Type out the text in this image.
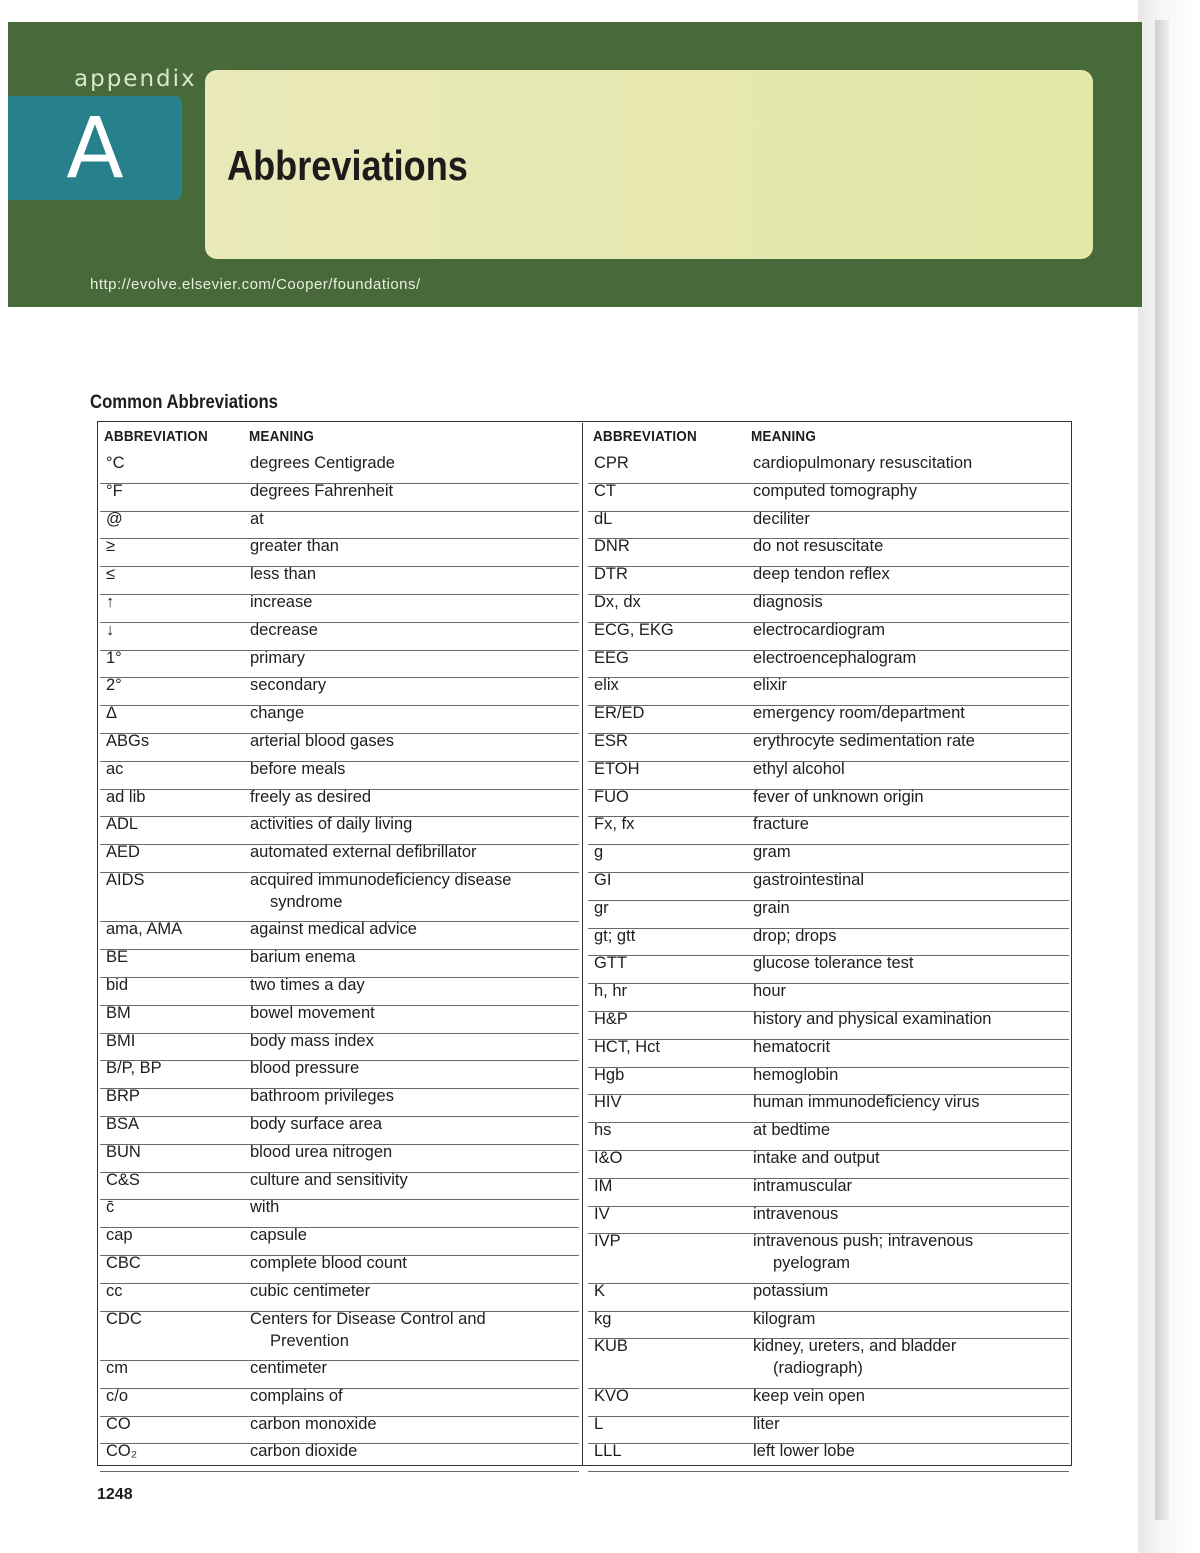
appendix
A	Abbreviations
http://evolve.elsevier.com/Cooper/foundations/
Common Abbreviations
ABBREVIATION	MEANING	ABBREVIATION	MEANING
°C	degrees Centigrade
°F	degrees Fahrenheit
@	at
≥	greater than
≤	less than
↑	increase
↓	decrease
1°	primary
2°	secondary
Δ	change
ABGs	arterial blood gases
ac	before meals
ad lib	freely as desired
ADL	activities of daily living
AED	automated external defibrillator
AIDS	acquired immunodeficiency disease
syndrome
ama, AMA	against medical advice
BE	barium enema
bid	two times a day
BM	bowel movement
BMI	body mass index
B/P, BP	blood pressure
BRP	bathroom privileges
BSA	body surface area
BUN	blood urea nitrogen
C&S	culture and sensitivity
c̄	with
cap	capsule
CBC	complete blood count
cc	cubic centimeter
CDC	Centers for Disease Control and
Prevention
cm	centimeter
c/o	complains of
CO	carbon monoxide
CO₂	carbon dioxide
CPR	cardiopulmonary resuscitation
CT	computed tomography
dL	deciliter
DNR	do not resuscitate
DTR	deep tendon reflex
Dx, dx	diagnosis
ECG, EKG	electrocardiogram
EEG	electroencephalogram
elix	elixir
ER/ED	emergency room/department
ESR	erythrocyte sedimentation rate
ETOH	ethyl alcohol
FUO	fever of unknown origin
Fx, fx	fracture
g	gram
GI	gastrointestinal
gr	grain
gt; gtt	drop; drops
GTT	glucose tolerance test
h, hr	hour
H&P	history and physical examination
HCT, Hct	hematocrit
Hgb	hemoglobin
HIV	human immunodeficiency virus
hs	at bedtime
I&O	intake and output
IM	intramuscular
IV	intravenous
IVP	intravenous push; intravenous
pyelogram
K	potassium
kg	kilogram
KUB	kidney, ureters, and bladder
(radiograph)
KVO	keep vein open
L	liter
LLL	left lower lobe
1248
